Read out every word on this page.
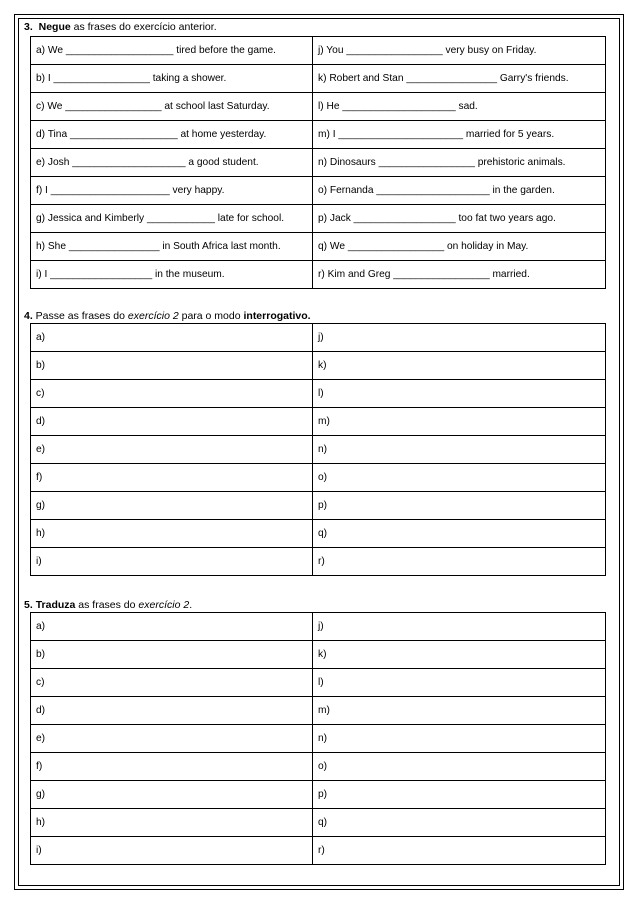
3. Negue as frases do exercício anterior.
a) We ___________________ tired before the game.	j) You _________________ very busy on Friday.
b) I _________________ taking a shower.	k) Robert and Stan ________________ Garry's friends.
c) We _________________ at school last Saturday.	l) He ____________________ sad.
d) Tina ___________________ at home yesterday.	m) I ______________________ married for 5 years.
e) Josh ____________________ a good student.	n) Dinosaurs _________________ prehistoric animals.
f) I _____________________ very happy.	o) Fernanda ____________________ in the garden.
g) Jessica and Kimberly ____________ late for school.	p) Jack __________________ too fat two years ago.
h) She ________________ in South Africa last month.	q) We _________________ on holiday in May.
i) I __________________ in the museum.	r) Kim and Greg _________________ married.
4. Passe as frases do exercício 2 para o modo interrogativo.
a)	j)
b)	k)
c)	l)
d)	m)
e)	n)
f)	o)
g)	p)
h)	q)
i)	r)
5. Traduza as frases do exercício 2.
a)	j)
b)	k)
c)	l)
d)	m)
e)	n)
f)	o)
g)	p)
h)	q)
i)	r)
